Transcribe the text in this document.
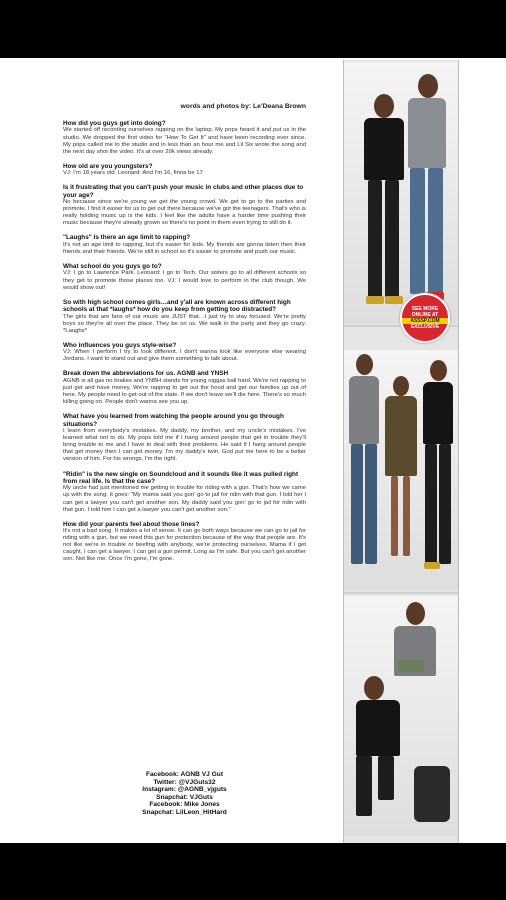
words and photos by: Le'Deana Brown
How did you guys get into doing?
We started off recording ourselves rapping on the laptop. My pops heard it and put us in the studio. We dropped the first video for "How To Get It" and have been recording ever since. My pops called me to the studio and in less than an hour me and Lil Six wrote the song and the next day shot the video. It's at over 20k views already.
How old are you youngsters?
VJ: I'm 18 years old. Leonard: And I'm 16, finna be 17
Is it frustrating that you can't push your music in clubs and other places due to your age?
No because since we're young we get the young crowd. We get to go to the parties and promote. I find it easier for us to get out there because we've got the teenagers. That's who is really holding music up is the kids. I feel like the adults have a harder time pushing their music because they're already grown so there's no point in them even trying to still do it.
"Laughs" Is there an age limit to rapping?
It's not an age limit to rapping, but it's easier for kids. My friends are gonna listen then their friends and their friends. We're still in school so it's easier to promote and push our music.
What school do you guys go to?
VJ: I go to Lawrence Park. Leonard: I go to Tech. Our sisters go to all different schools so they get to promote those places too. VJ: I would love to perform in the club though. We would show out!
So with high school comes girls…and y'all are known across different high schools at that *laughs* how do you keep from getting too distracted?
The girls that are fans of our music are JUST that…I just try to stay focused. We're pretty boys so they're all over the place. They be on us. We walk in the party and they go crazy. *Laughs*
Who influences you guys style-wise?
VJ: When I perform I try to look different. I don't wanna look like everyone else wearing Jordans. I want to stand out and give them something to talk about.
Break down the abbreviations for us. AGNB and YNSH
AGNB is all gas no brakes and YNBH stands for young niggas ball hard. We're not rapping to just get and have money. We're rapping to get out the hood and get our families up out of here. My people need to get out of the state. If we don't leave we'll die here. There's so much killing going on. People don't wanna see you up.
What have you learned from watching the people around you go through situations?
I learn from everybody's mistakes. My daddy, my brother, and my uncle's mistakes. I've learned what not to do. My pops told me if I hang around people that get in trouble they'll bring trouble to me and I have to deal with their problems. He said if I hang around people that get money then I can get money. I'm my daddy's twin. God put me here to be a better version of him. For his wrongs, I'm the right.
"Ridin" is the new single on Soundcloud and it sounds like it was pulled right from real life. Is that the case?
My uncle had just mentioned me getting in trouble for riding with a gun. That's how we came up with the song. It goes: "My mama said you gon' go to jail for ridin with that gun. I told her I can get a lawyer you can't get another son. My daddy said you gon' go to jail for ridin with that gun. I told him I can get a lawyer you can't get another son."
How did your parents feel about those lines?
It's not a bad song. It makes a lot of sense. It can go both ways because we can go to jail for riding with a gun, but we need this gun for protection because of the way that people are. It's not like we're in trouble or beefing with anybody, we're protecting ourselves. Mama if I get caught, I can get a lawyer. I can get a gun permit. Long as I'm safe. But you can't get another son. Not like me. Once I'm gone, I'm gone.
Facebook: AGNB VJ Gut
Twitter: @VJGuts32
Instagram: @AGNB_vjguts
Snapchat: VJGuts
Facebook: Mike Jones
Snapchat: LilLeon_HitHard
SEE MORE
ONLINE AT
ASSSP.COM
EXCLUSIVE
